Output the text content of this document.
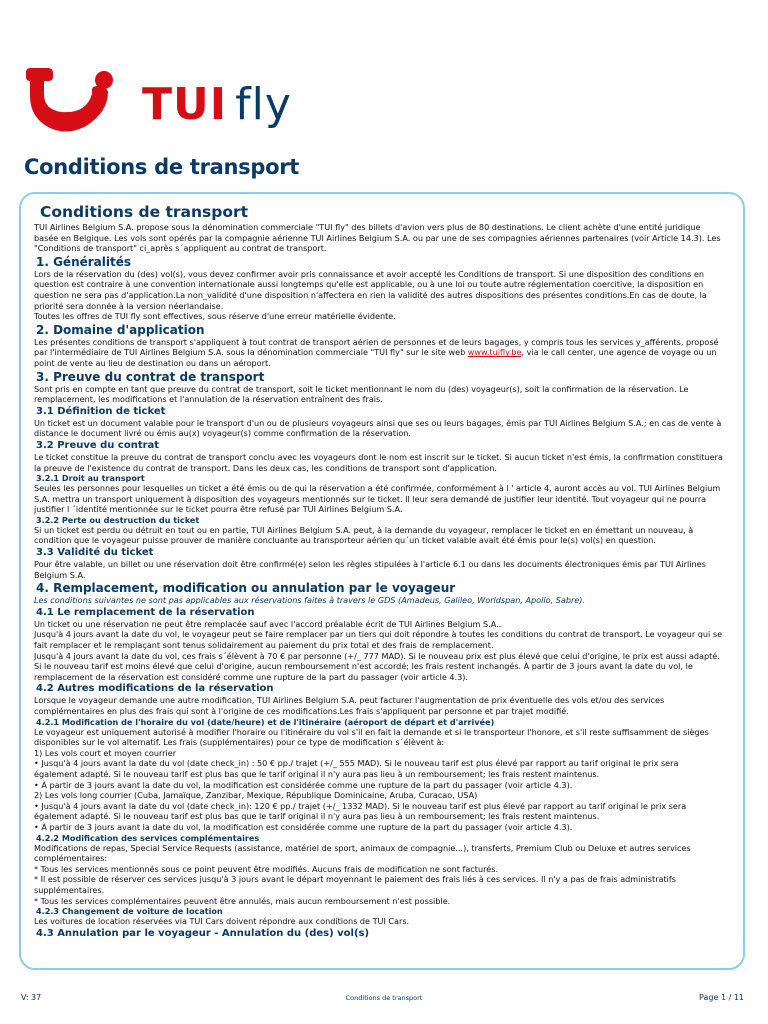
TUI fly
Conditions de transport
Conditions de transport

TUI Airlines Belgium S.A. propose sous la dénomination commerciale "TUI fly" des billets d'avion vers plus de 80 destinations. Le client achète d'une entité juridique basée en Belgique. Les vols sont opérés par la compagnie aérienne TUI Airlines Belgium S.A. ou par une de ses compagnies aériennes partenaires (voir Article 14.3). Les "Conditions de transport" ci_après s´appliquent au contrat de transport.

1. Généralités

Lors de la réservation du (des) vol(s), vous devez confirmer avoir pris connaissance et avoir accepté les Conditions de transport. Si une disposition des conditions en question est contraire à une convention internationale aussi longtemps qu'elle est applicable, ou à une loi ou toute autre réglementation coercitive, la disposition en question ne sera pas d'application.La non_validité d'une disposition n'affectera en rien la validité des autres dispositions des présentes conditions.En cas de doute, la priorité sera donnée à la version néerlandaise.

Toutes les offres de TUI fly sont effectives, sous réserve d'une erreur matérielle évidente.

2. Domaine d'application

Les présentes conditions de transport s'appliquent à tout contrat de transport aérien de personnes et de leurs bagages, y compris tous les services y_afférents, proposé par l'intermédiaire de TUI Airlines Belgium S.A. sous la dénomination commerciale "TUI fly" sur le site web www.tuifly.be, via le call center, une agence de voyage ou un point de vente au lieu de destination ou dans un aéroport.

3. Preuve du contrat de transport

Sont pris en compte en tant que preuve du contrat de transport, soit le ticket mentionnant le nom du (des) voyageur(s), soit la confirmation de la réservation. Le remplacement, les modifications et l'annulation de la réservation entraînent des frais.

3.1 Définition de ticket

Un ticket est un document valable pour le transport d'un ou de plusieurs voyageurs ainsi que ses ou leurs bagages, émis par TUI Airlines Belgium S.A.; en cas de vente à distance le document livré ou émis au(x) voyageur(s) comme confirmation de la réservation.

3.2 Preuve du contrat

Le ticket constitue la preuve du contrat de transport conclu avec les voyageurs dont le nom est inscrit sur le ticket. Si aucun ticket n'est émis, la confirmation constituera la preuve de l'existence du contrat de transport. Dans les deux cas, les conditions de transport sont d'application.

3.2.1 Droit au transport

Seules les personnes pour lesquelles un ticket a été émis ou de qui la réservation a été confirmée, conformément à l ' article 4, auront accès au vol. TUI Airlines Belgium S.A. mettra un transport uniquement à disposition des voyageurs mentionnés sur le ticket. Il leur sera demandé de justifier leur identité. Tout voyageur qui ne pourra justifier l ´identité mentionnée sur le ticket pourra être refusé par TUI Airlines Belgium S.A.

3.2.2 Perte ou destruction du ticket

Si un ticket est perdu ou détruit en tout ou en partie, TUI Airlines Belgium S.A. peut, à la demande du voyageur, remplacer le ticket en en émettant un nouveau, à condition que le voyageur puisse prouver de manière concluante au transporteur aérien qu´un ticket valable avait été émis pour le(s) vol(s) en question.

3.3 Validité du ticket

Pour être valable, un billet ou une réservation doit être confirmé(e) selon les règles stipulées à l'article 6.1 ou dans les documents électroniques émis par TUI Airlines Belgium S.A.

4. Remplacement, modification ou annulation par le voyageur

Les conditions suivantes ne sont pas applicables aux réservations faites à travers le GDS (Amadeus, Galileo, Worldspan, Apollo, Sabre).

4.1 Le remplacement de la réservation

Un ticket ou une réservation ne peut être remplacée sauf avec l'accord préalable écrit de TUI Airlines Belgium S.A..

Jusqu'à 4 jours avant la date du vol, le voyageur peut se faire remplacer par un tiers qui doit répondre à toutes les conditions du contrat de transport. Le voyageur qui se fait remplacer et le remplaçant sont tenus solidairement au paiement du prix total et des frais de remplacement.

Jusqu'à 4 jours avant la date du vol, ces frais s´élèvent à 70 € par personne (+/_ 777 MAD). Si le nouveau prix est plus élevé que celui d'origine, le prix est aussi adapté. Si le nouveau tarif est moins élevé que celui d'origine, aucun remboursement n'est accordé; les frais restent inchangés. À partir de 3 jours avant la date du vol, le remplacement de la réservation est considéré comme une rupture de la part du passager (voir article 4.3).

4.2 Autres modifications de la réservation

Lorsque le voyageur demande une autre modification, TUI Airlines Belgium S.A. peut facturer l'augmentation de prix éventuelle des vols et/ou des services complémentaires en plus des frais qui sont à l'origine de ces modifications.Les frais s'appliquent par personne et par trajet modifié.

4.2.1 Modification de l'horaire du vol (date/heure) et de l'itinéraire (aéroport de départ et d'arrivée)

Le voyageur est uniquement autorisé à modifier l'horaire ou l'itinéraire du vol s'il en fait la demande et si le transporteur l'honore, et s'il reste suffisamment de sièges disponibles sur le vol alternatif. Les frais (supplémentaires) pour ce type de modification s´élèvent à:

1) Les vols court et moyen courrier

• Jusqu'à 4 jours avant la date du vol (date check_in) : 50 € pp./ trajet (+/_ 555 MAD). Si le nouveau tarif est plus élevé par rapport au tarif original le prix sera également adapté. Si le nouveau tarif est plus bas que le tarif original il n'y aura pas lieu à un remboursement; les frais restent maintenus.

• À partir de 3 jours avant la date du vol, la modification est considérée comme une rupture de la part du passager (voir article 4.3).

2) Les vols long courrier (Cuba, Jamaïque, Zanzibar, Mexique, République Dominicaine, Aruba, Curacao, USA)

• Jusqu'à 4 jours avant la date du vol (date check_in): 120 € pp./ trajet (+/_ 1332 MAD). Si le nouveau tarif est plus élevé par rapport au tarif original le prix sera également adapté. Si le nouveau tarif est plus bas que le tarif original il n'y aura pas lieu à un remboursement; les frais restent maintenus.

• À partir de 3 jours avant la date du vol, la modification est considérée comme une rupture de la part du passager (voir article 4.3).

4.2.2 Modification des services complémentaires

Modifications de repas, Special Service Requests (assistance, matériel de sport, animaux de compagnie...), transferts, Premium Club ou Deluxe et autres services complémentaires:

* Tous les services mentionnés sous ce point peuvent être modifiés. Aucuns frais de modification ne sont facturés.

* Il est possible de réserver ces services jusqu'à 3 jours avant le départ moyennant le paiement des frais liés à ces services. Il n'y a pas de frais administratifs supplémentaires.

* Tous les services complémentaires peuvent être annulés, mais aucun remboursement n'est possible.

4.2.3 Changement de voiture de location

Les voitures de location réservées via TUI Cars doivent répondre aux conditions de TUI Cars.

4.3 Annulation par le voyageur - Annulation du (des) vol(s)
V: 37	Conditions de transport	Page 1 / 11
